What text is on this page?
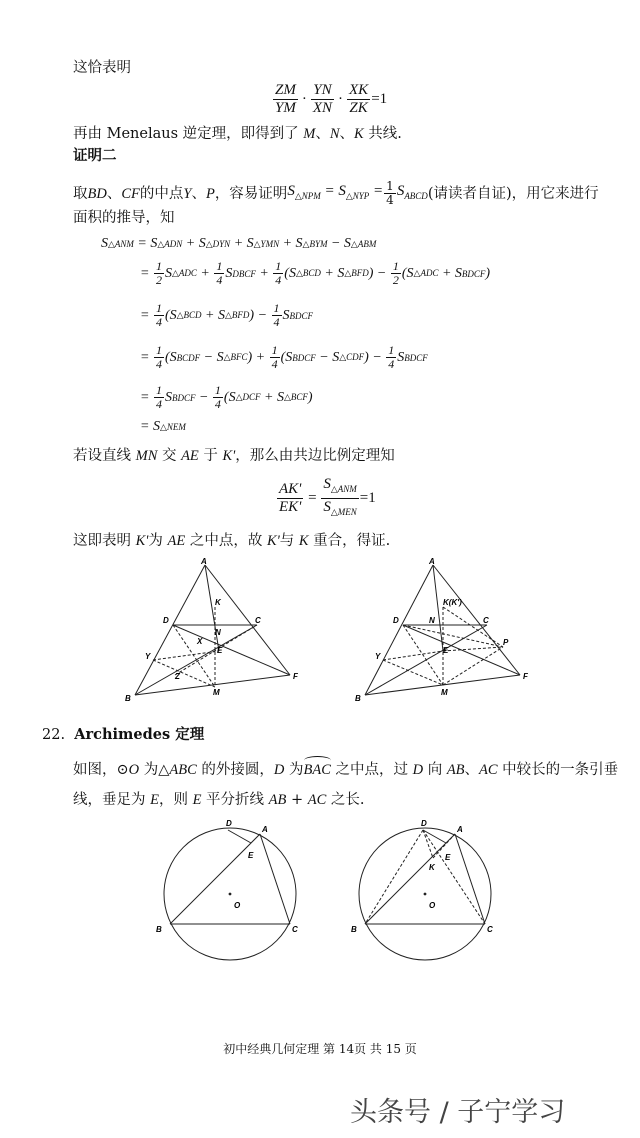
这恰表明
$\frac{ZM}{YM} \cdot \frac{YN}{XN} \cdot \frac{XK}{ZK} =1$
再由 Menelaus 逆定理，即得到了 M、N、K 共线.
证明二
取 BD 、 CF 的中点 Y 、 P ，容易证明 $S_{\triangle NPM} = S_{\triangle NYP} = \frac{1}{4} S_{ABCD}$ (请读者自证)，用它来进行
面积的推导，知
S △ANM = S △ADN + S △DYN + S △YMN + S △BYM − S △ABM
= $\frac{1}{2}$ S △ADC + $\frac{1}{4}$ S DBCF + $\frac{1}{4}$ ( S △BCD + S △BFD ) − $\frac{1}{2}$ ( S △ADC + S BDCF )
= $\frac{1}{4}$ ( S △BCD + S △BFD ) − $\frac{1}{4}$ S BDCF
= $\frac{1}{4}$ ( S BCDF − S △BFC ) + $\frac{1}{4}$ ( S BDCF − S △CDF ) − $\frac{1}{4}$ S BDCF
= $\frac{1}{4}$ S BDCF − $\frac{1}{4}$ ( S △DCF + S △BCF )
= S △NEM
若设直线 MN 交 AE 于 K'，那么由共边比例定理知
$\frac{AK'}{EK'} = \frac{S_{\triangle ANM}}{S_{\triangle MEN}} =1$
这即表明 K'为 AE 之中点，故 K'与 K 重合，得证.
A
D
K
C
N
X
E
Y
Z	F
B
M
A
K(K')
D	N	C
P
E
Y
F
B
M
22. Archimedes 定理
如图，⊙O 为△ABC 的外接圆，D 为BAC 之中点，过 D 向 AB、AC 中较长的一条引垂
线，垂足为 E，则 E 平分折线 AB + AC 之长.
D
A
E
O
B	C
D
A
E
K
O
B	C
初中经典几何定理 第 14页 共 15 页
头条号 / 子宁学习
